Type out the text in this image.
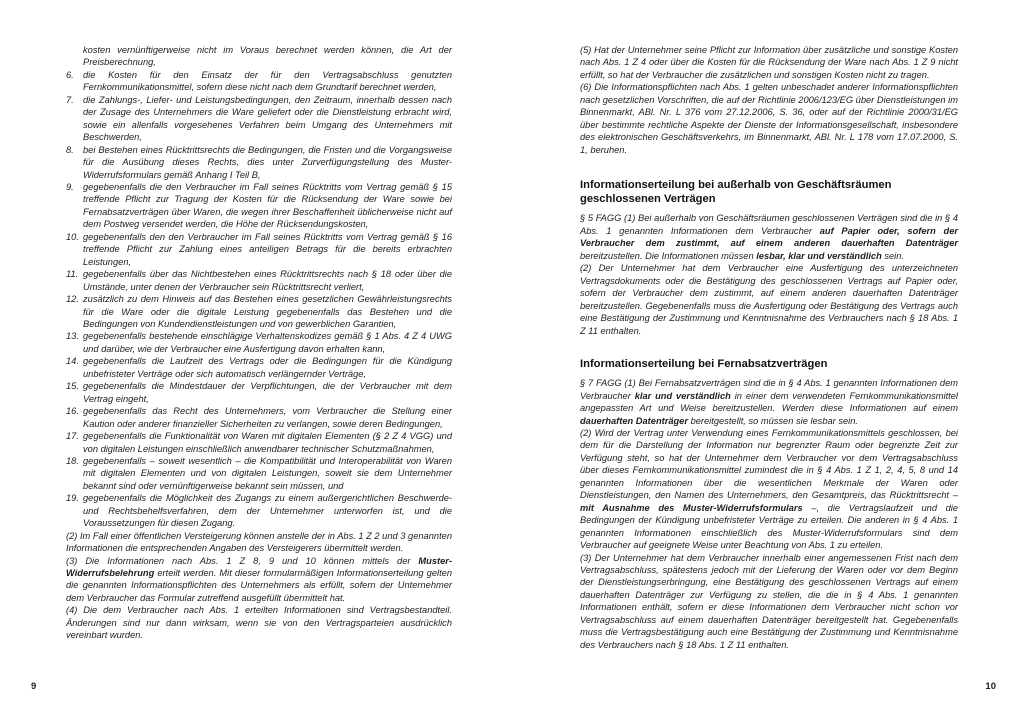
kosten vernünftigerweise nicht im Voraus berechnet werden können, die Art der Preisberechnung,

6. die Kosten für den Einsatz der für den Vertragsabschluss genutzten Fernkommunikationsmittel, sofern diese nicht nach dem Grundtarif berechnet werden,
7. die Zahlungs-, Liefer- und Leistungsbedingungen, den Zeitraum, innerhalb dessen nach der Zusage des Unternehmers die Ware geliefert oder die Dienstleistung erbracht wird, sowie ein allenfalls vorgesehenes Verfahren beim Umgang des Unternehmers mit Beschwerden,
8. bei Bestehen eines Rücktrittsrechts die Bedingungen, die Fristen und die Vorgangsweise für die Ausübung dieses Rechts, dies unter Zurverfügungstellung des Muster-Widerrufsformulars gemäß Anhang I Teil B,
9. gegebenenfalls die den Verbraucher im Fall seines Rücktritts vom Vertrag gemäß § 15 treffende Pflicht zur Tragung der Kosten für die Rücksendung der Ware sowie bei Fernabsatzverträgen über Waren, die wegen ihrer Beschaffenheit üblicherweise nicht auf dem Postweg versendet werden, die Höhe der Rücksendungskosten,
10. gegebenenfalls den den Verbraucher im Fall seines Rücktritts vom Vertrag gemäß § 16 treffende Pflicht zur Zahlung eines anteiligen Betrags für die bereits erbrachten Leistungen,
11. gegebenenfalls über das Nichtbestehen eines Rücktrittsrechts nach § 18 oder über die Umstände, unter denen der Verbraucher sein Rücktrittsrecht verliert,
12. zusätzlich zu dem Hinweis auf das Bestehen eines gesetzlichen Gewährleistungsrechts für die Ware oder die digitale Leistung gegebenenfalls das Bestehen und die Bedingungen von Kundendienstleistungen und von gewerblichen Garantien,
13. gegebenenfalls bestehende einschlägige Verhaltenskodizes gemäß § 1 Abs. 4 Z 4 UWG und darüber, wie der Verbraucher eine Ausfertigung davon erhalten kann,
14. gegebenenfalls die Laufzeit des Vertrags oder die Bedingungen für die Kündigung unbefristeter Verträge oder sich automatisch verlängernder Verträge,
15. gegebenenfalls die Mindestdauer der Verpflichtungen, die der Verbraucher mit dem Vertrag eingeht,
16. gegebenenfalls das Recht des Unternehmers, vom Verbraucher die Stellung einer Kaution oder anderer finanzieller Sicherheiten zu verlangen, sowie deren Bedingungen,
17. gegebenenfalls die Funktionalität von Waren mit digitalen Elementen (§ 2 Z 4 VGG) und von digitalen Leistungen einschließlich anwendbarer technischer Schutzmaßnahmen,
18. gegebenenfalls – soweit wesentlich – die Kompatibilität und Interoperabilität von Waren mit digitalen Elementen und von digitalen Leistungen, soweit sie dem Unternehmer bekannt sind oder vernünftigerweise bekannt sein müssen, und
19. gegebenenfalls die Möglichkeit des Zugangs zu einem außergerichtlichen Beschwerde- und Rechtsbehelfsverfahren, dem der Unternehmer unterworfen ist, und die Voraussetzungen für diesen Zugang.

(2) Im Fall einer öffentlichen Versteigerung können anstelle der in Abs. 1 Z 2 und 3 genannten Informationen die entsprechenden Angaben des Versteigerers übermittelt werden.

(3) Die Informationen nach Abs. 1 Z 8, 9 und 10 können mittels der Muster-Widerrufsbelehrung erteilt werden. Mit dieser formularmäßigen Informationserteilung gelten die genannten Informationspflichten des Unternehmers als erfüllt, sofern der Unternehmer dem Verbraucher das Formular zutreffend ausgefüllt übermittelt hat.

(4) Die dem Verbraucher nach Abs. 1 erteilten Informationen sind Vertragsbestandteil. Änderungen sind nur dann wirksam, wenn sie von den Vertragsparteien ausdrücklich vereinbart wurden.

9

(5) Hat der Unternehmer seine Pflicht zur Information über zusätzliche und sonstige Kosten nach Abs. 1 Z 4 oder über die Kosten für die Rücksendung der Ware nach Abs. 1 Z 9 nicht erfüllt, so hat der Verbraucher die zusätzlichen und sonstigen Kosten nicht zu tragen.

(6) Die Informationspflichten nach Abs. 1 gelten unbeschadet anderer Informationspflichten nach gesetzlichen Vorschriften, die auf der Richtlinie 2006/123/EG über Dienstleistungen im Binnenmarkt, ABl. Nr. L 376 vom 27.12.2006, S. 36, oder auf der Richtlinie 2000/31/EG über bestimmte rechtliche Aspekte der Dienste der Informationsgesellschaft, insbesondere des elektronischen Geschäftsverkehrs, im Binnenmarkt, ABl. Nr. L 178 vom 17.07.2000, S. 1, beruhen.

Informationserteilung bei außerhalb von Geschäftsräumen geschlossenen Verträgen

§ 5 FAGG (1) Bei außerhalb von Geschäftsräumen geschlossenen Verträgen sind die in § 4 Abs. 1 genannten Informationen dem Verbraucher auf Papier oder, sofern der Verbraucher dem zustimmt, auf einem anderen dauerhaften Datenträger bereitzustellen. Die Informationen müssen lesbar, klar und verständlich sein.

(2) Der Unternehmer hat dem Verbraucher eine Ausfertigung des unterzeichneten Vertragsdokuments oder die Bestätigung des geschlossenen Vertrags auf Papier oder, sofern der Verbraucher dem zustimmt, auf einem anderen dauerhaften Datenträger bereitzustellen. Gegebenenfalls muss die Ausfertigung oder Bestätigung des Vertrags auch eine Bestätigung der Zustimmung und Kenntnisnahme des Verbrauchers nach § 18 Abs. 1 Z 11 enthalten.

Informationserteilung bei Fernabsatzverträgen

§ 7 FAGG (1) Bei Fernabsatzverträgen sind die in § 4 Abs. 1 genannten Informationen dem Verbraucher klar und verständlich in einer dem verwendeten Fernkommunikationsmittel angepassten Art und Weise bereitzustellen. Werden diese Informationen auf einem dauerhaften Datenträger bereitgestellt, so müssen sie lesbar sein.

(2) Wird der Vertrag unter Verwendung eines Fernkommunikationsmittels geschlossen, bei dem für die Darstellung der Information nur begrenzter Raum oder begrenzte Zeit zur Verfügung steht, so hat der Unternehmer dem Verbraucher vor dem Vertragsabschluss über dieses Fernkommunikationsmittel zumindest die in § 4 Abs. 1 Z 1, 2, 4, 5, 8 und 14 genannten Informationen über die wesentlichen Merkmale der Waren oder Dienstleistungen, den Namen des Unternehmers, den Gesamtpreis, das Rücktrittsrecht – mit Ausnahme des Muster-Widerrufsformulars –, die Vertragslaufzeit und die Bedingungen der Kündigung unbefristeter Verträge zu erteilen. Die anderen in § 4 Abs. 1 genannten Informationen einschließlich des Muster-Widerrufsformulars sind dem Verbraucher auf geeignete Weise unter Beachtung von Abs. 1 zu erteilen.

(3) Der Unternehmer hat dem Verbraucher innerhalb einer angemessenen Frist nach dem Vertragsabschluss, spätestens jedoch mit der Lieferung der Waren oder vor dem Beginn der Dienstleistungserbringung, eine Bestätigung des geschlossenen Vertrags auf einem dauerhaften Datenträger zur Verfügung zu stellen, die die in § 4 Abs. 1 genannten Informationen enthält, sofern er diese Informationen dem Verbraucher nicht schon vor Vertragsabschluss auf einem dauerhaften Datenträger bereitgestellt hat. Gegebenenfalls muss die Vertragsbestätigung auch eine Bestätigung der Zustimmung und Kenntnisnahme des Verbrauchers nach § 18 Abs. 1 Z 11 enthalten.

10
